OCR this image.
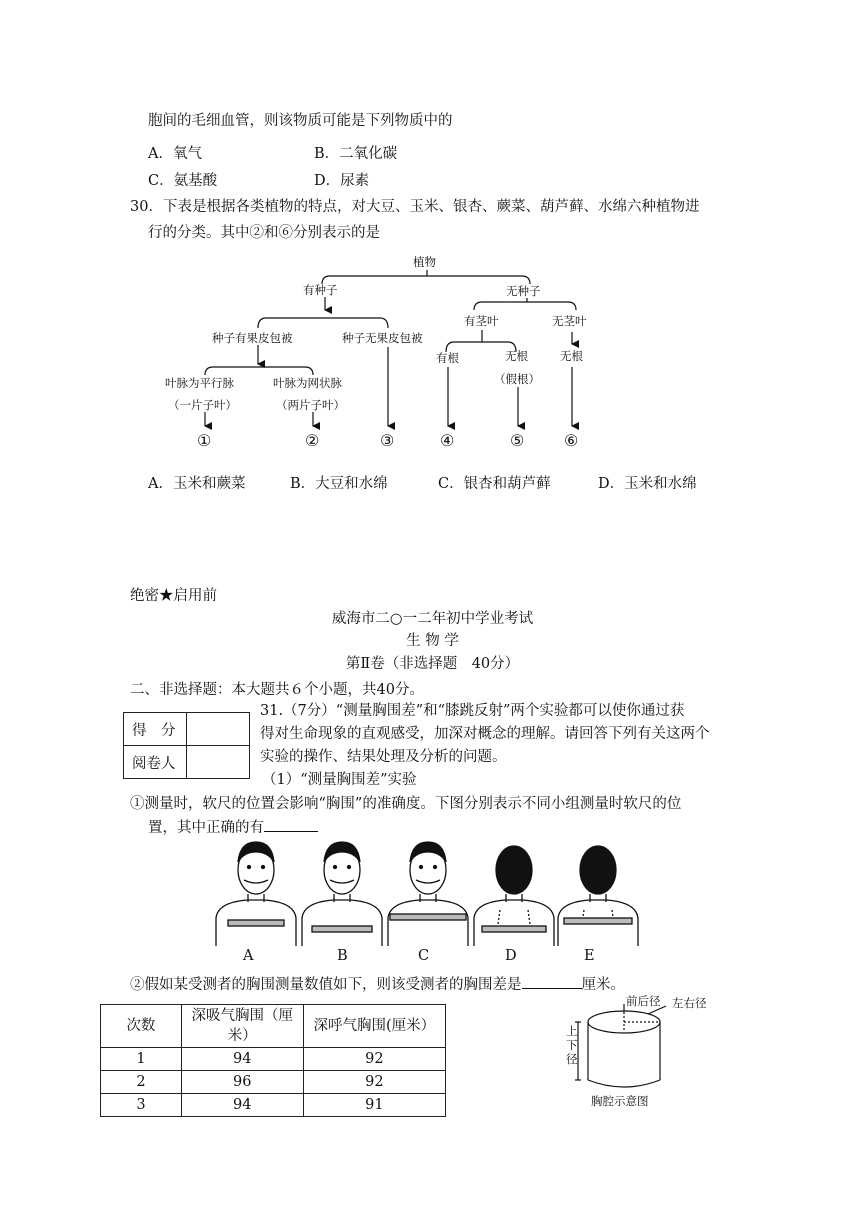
胞间的毛细血管，则该物质可能是下列物质中的
A．氧气	B．二氧化碳
C．氨基酸	D．尿素
30．下表是根据各类植物的特点，对大豆、玉米、银杏、蕨菜、葫芦藓、水绵六种植物进
行的分类。其中②和⑥分别表示的是
植物
有种子	无种子
种子有果皮包被	种子无果皮包被
有茎叶	无茎叶
叶脉为平行脉
（一片子叶）
叶脉为网状脉
（两片子叶）
有根	无根
（假根）
无根
①	②	③	④	⑤ ⑥
A．玉米和蕨菜	B．大豆和水绵	C．银杏和葫芦藓	D．玉米和水绵
绝密★启用前
威海市二○一二年初中学业考试
生 物 学
第Ⅱ卷（非选择题　40分）
二、非选择题：本大题共６个小题，共40分。
得　分	
阅卷人	
31.（7分）“测量胸围差”和“膝跳反射”两个实验都可以使你通过获
得对生命现象的直观感受，加深对概念的理解。请回答下列有关这两个
实验的操作、结果处理及分析的问题。
（1）“测量胸围差”实验
①测量时，软尺的位置会影响“胸围”的准确度。下图分别表示不同小组测量时软尺的位
置，其中正确的有
A	B	C	D	E
②假如某受测者的胸围测量数值如下，则该受测者的胸围差是	厘米。
次数	深吸气胸围（厘米）	深呼气胸围(厘米）
1	94	92
2	96	92
3	94	91
前后径 左右径
上下径
胸腔示意图
